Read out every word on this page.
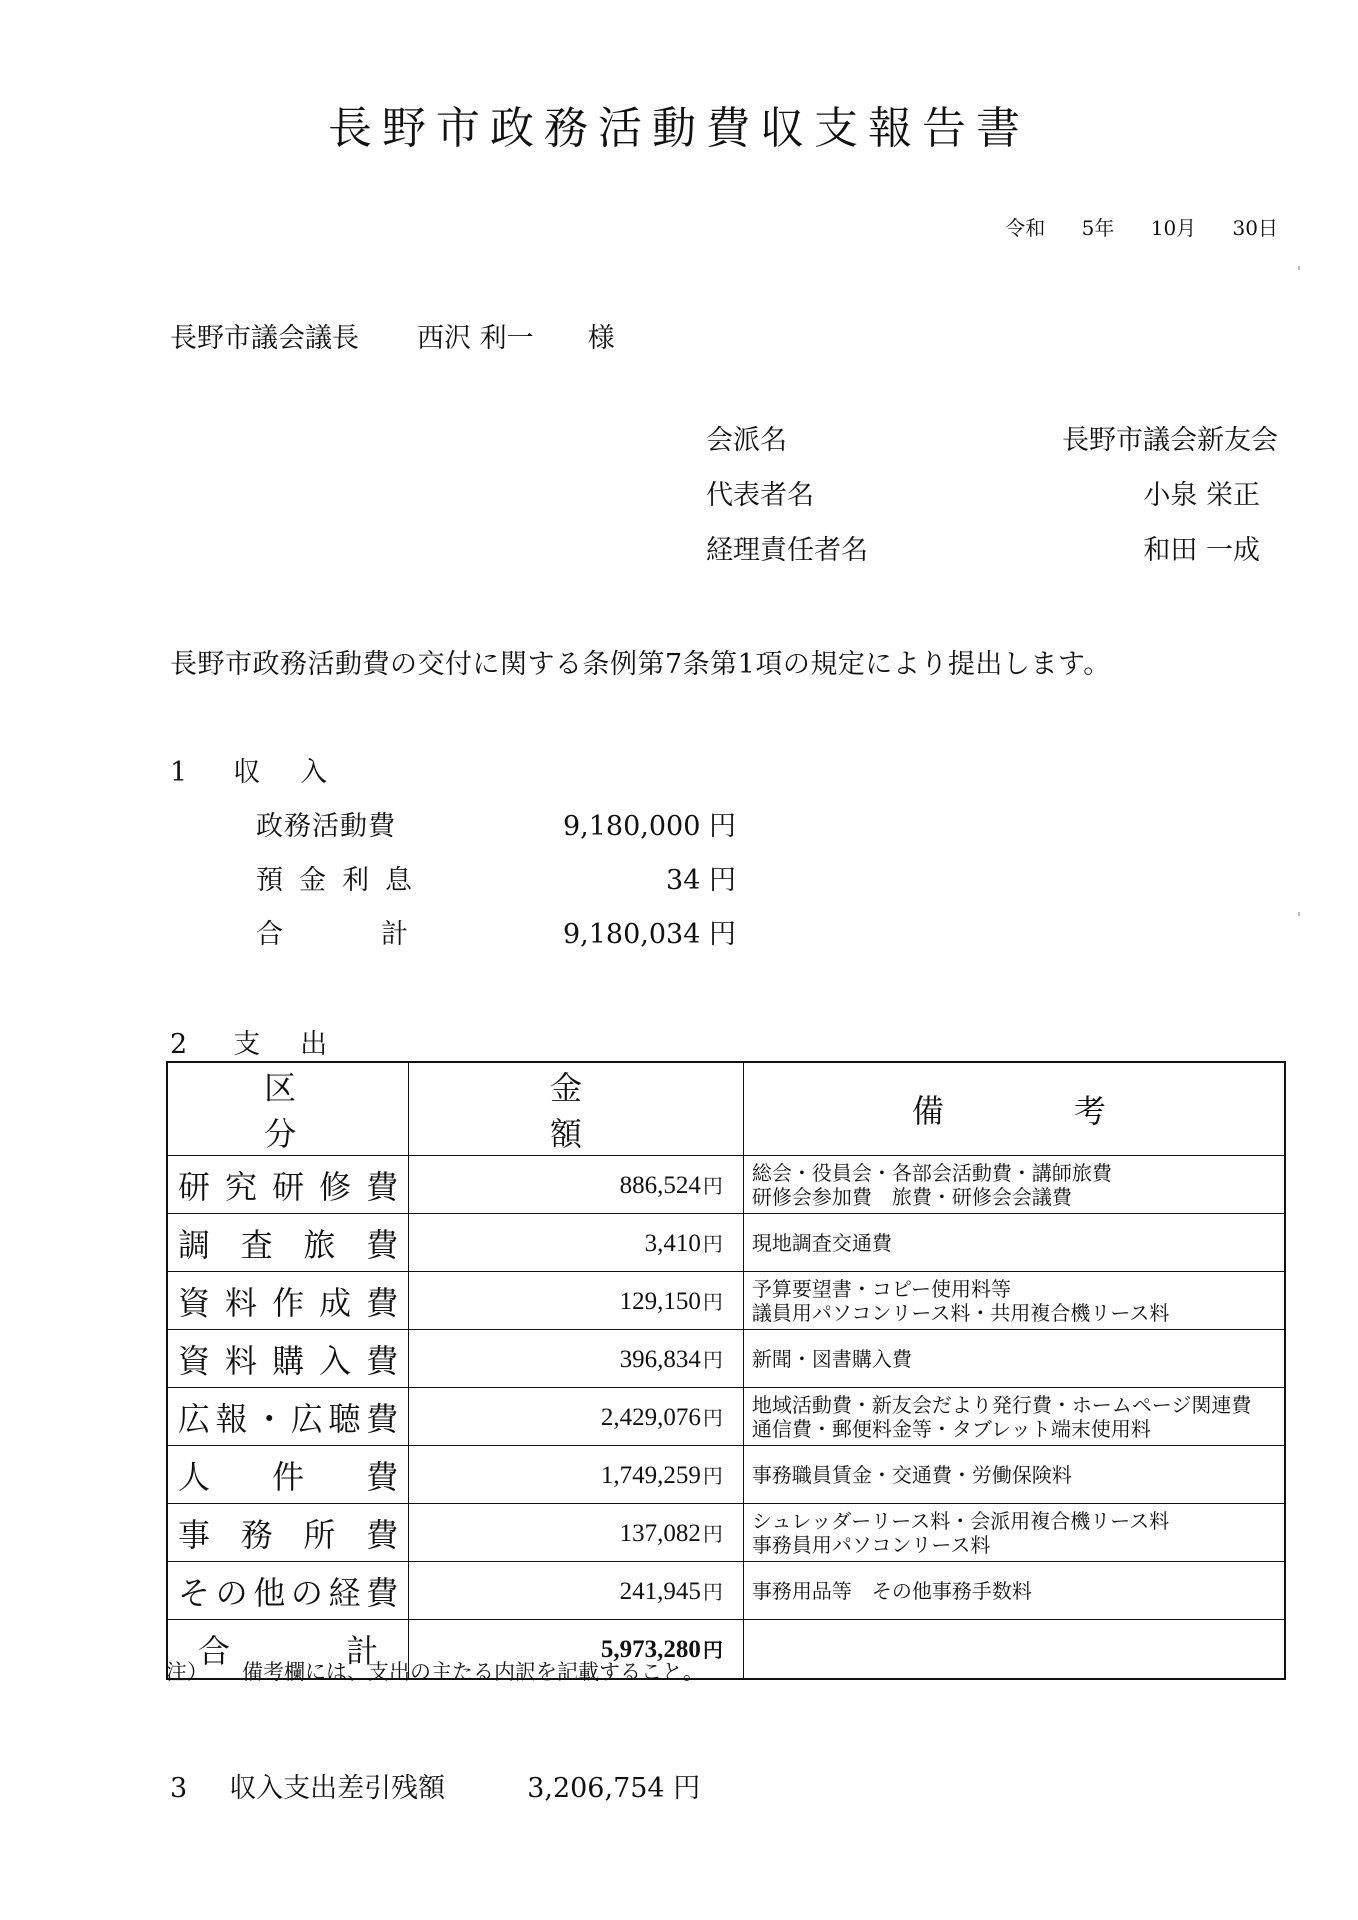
長野市政務活動費収支報告書
令和 5年 10月 30日
長野市議会議長 西沢 利一 様
会派名	長野市議会新友会
代表者名	小泉 栄正
経理責任者名	和田 一成
長野市政務活動費の交付に関する条例第7条第1項の規定により提出します。
1 収入
政務活動費	9,180,000 円
預金利息	34 円
合計 9,180,034 円
2 支出
区分	金額	備考
研究研修費	886,524 円	総会・役員会・各部会活動費・講師旅費
研修会参加費　旅費・研修会会議費

調査旅費	3,410 円	現地調査交通費

資料作成費	129,150 円	予算要望書・コピー使用料等
議員用パソコンリース料・共用複合機リース料

資料購入費	396,834 円	新聞・図書購入費

広報・広聴費	2,429,076 円	地域活動費・新友会だより発行費・ホームページ関連費
通信費・郵便料金等・タブレット端末使用料

人件費	1,749,259 円	事務職員賃金・交通費・労働保険料

事務所費	137,082 円	シュレッダーリース料・会派用複合機リース料
事務員用パソコンリース料

その他の経費	241,945 円	事務用品等　その他事務手数料

合計	5,973,280 円	
注） 備考欄には、支出の主たる内訳を記載すること。
3 収入支出差引残額	3,206,754 円
